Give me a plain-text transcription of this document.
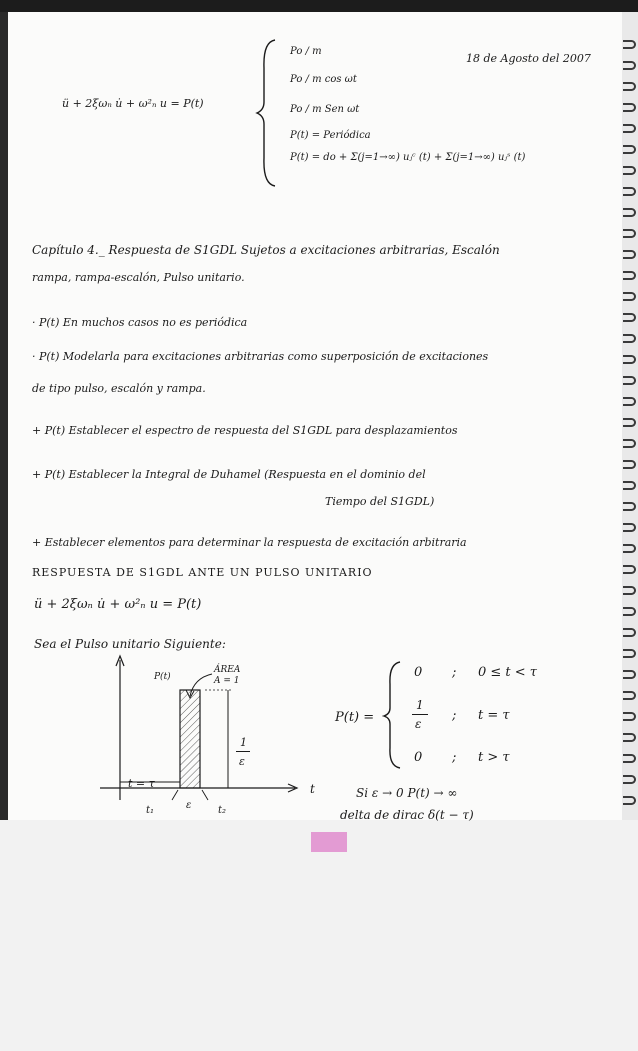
18 de Agosto del 2007
ü + 2ξωₙ u̇ + ω²ₙ u = P(t)
Po / m
Po / m cos ωt
Po / m Sen ωt
P(t) = Periódica
P(t) = do + Σ(j=1→∞) uⱼᶜ (t) + Σ(j=1→∞) uⱼˢ (t)
Capítulo 4._ Respuesta de S1GDL Sujetos a excitaciones arbitrarias, Escalón
rampa, rampa-escalón, Pulso unitario.
· P(t) En muchos casos no es periódica
· P(t) Modelarla para excitaciones arbitrarias como superposición de excitaciones
de tipo pulso, escalón y rampa.
+ P(t) Establecer el espectro de respuesta del S1GDL para desplazamientos
+ P(t) Establecer la Integral de Duhamel (Respuesta en el dominio del
Tiempo del S1GDL)
+ Establecer elementos para determinar la respuesta de excitación arbitraria
RESPUESTA DE S1GDL ANTE UN PULSO UNITARIO
ü + 2ξωₙ u̇ + ω²ₙ u = P(t)
Sea el Pulso unitario Siguiente:
P(t)
ÁREA
A = 1
1
ε
t = τ
t₁	ε	t₂
t
P(t) =
0 ; 0 ≤ t < τ
1
ε
; t = τ
0 ; t > τ
Si ε → 0 P(t) → ∞
delta de dirac δ(t − τ)
